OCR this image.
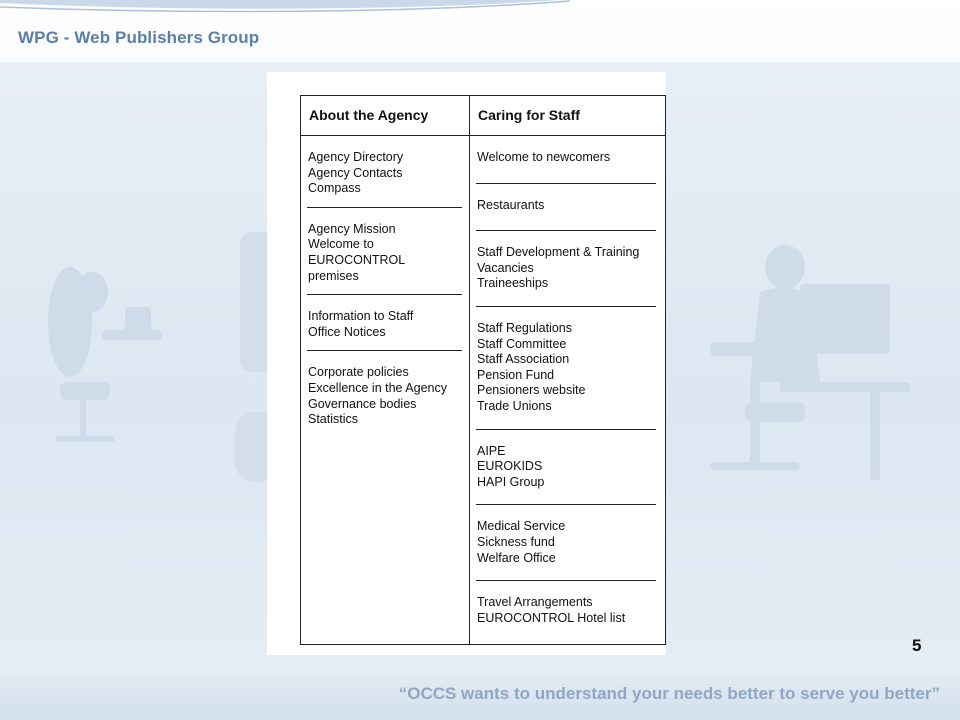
WPG - Web Publishers Group
About the Agency
Agency Directory
Agency Contacts
Compass
Agency Mission
Welcome to
EUROCONTROL
premises
Information to Staff
Office Notices
Corporate policies
Excellence in the Agency
Governance bodies
Statistics
Caring for Staff
Welcome to newcomers
Restaurants
Staff Development & Training
Vacancies
Traineeships
Staff Regulations
Staff Committee
Staff Association
Pension Fund
Pensioners website
Trade Unions
AIPE
EUROKIDS
HAPI Group
Medical Service
Sickness fund
Welfare Office
Travel Arrangements
EUROCONTROL Hotel list
5
“OCCS wants to understand your needs better to serve you better”
